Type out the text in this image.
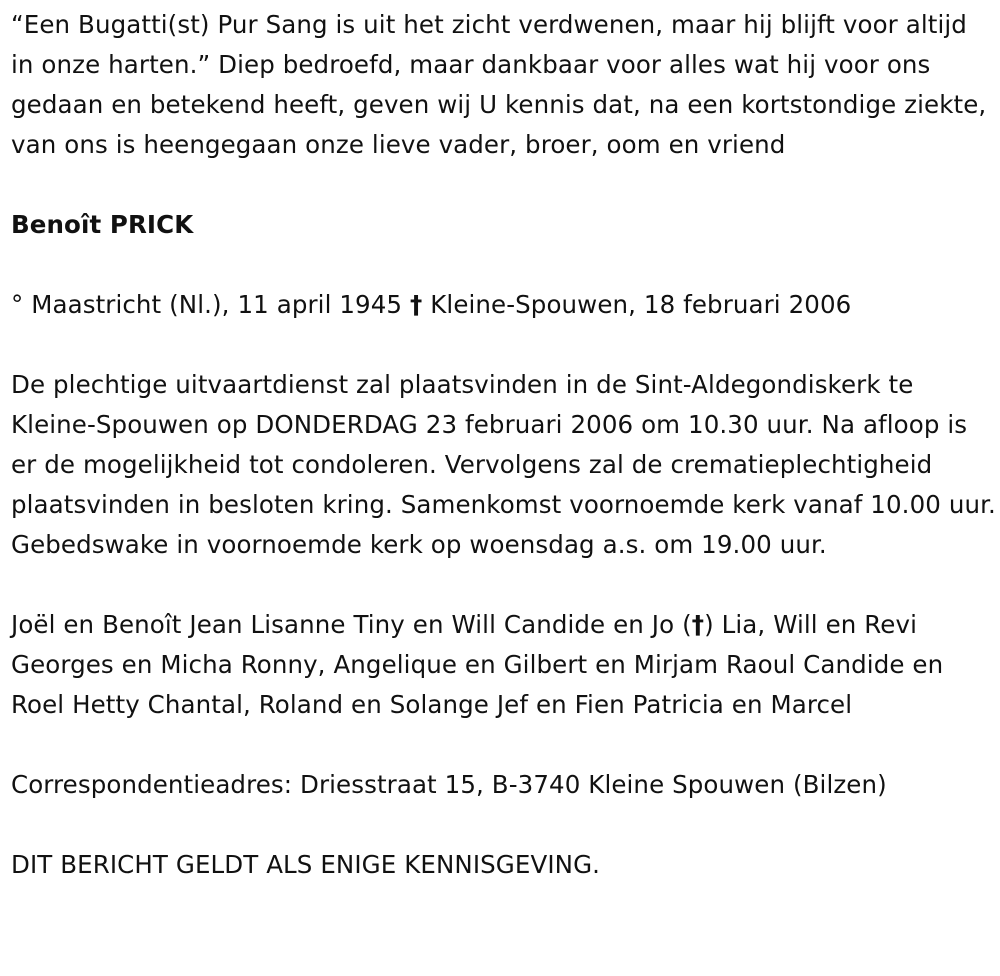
“Een Bugatti(st) Pur Sang is uit het zicht verdwenen, maar hij blijft voor altijd in onze harten.” Diep bedroefd, maar dankbaar voor alles wat hij voor ons gedaan en betekend heeft, geven wij U kennis dat, na een kortstondige ziekte, van ons is heengegaan onze lieve vader, broer, oom en vriend

Benoît PRICK

° Maastricht (Nl.), 11 april 1945 † Kleine-Spouwen, 18 februari 2006

De plechtige uitvaartdienst zal plaatsvinden in de Sint-Aldegondiskerk te Kleine-Spouwen op DONDERDAG 23 februari 2006 om 10.30 uur. Na afloop is er de mogelijkheid tot condoleren. Vervolgens zal de crematieplechtigheid plaatsvinden in besloten kring. Samenkomst voornoemde kerk vanaf 10.00 uur. Gebedswake in voornoemde kerk op woensdag a.s. om 19.00 uur.

Joël en Benoît Jean Lisanne Tiny en Will Candide en Jo (†) Lia, Will en Revi Georges en Micha Ronny, Angelique en Gilbert en Mirjam Raoul Candide en Roel Hetty Chantal, Roland en Solange Jef en Fien Patricia en Marcel

Correspondentieadres: Driesstraat 15, B-3740 Kleine Spouwen (Bilzen)

DIT BERICHT GELDT ALS ENIGE KENNISGEVING.
